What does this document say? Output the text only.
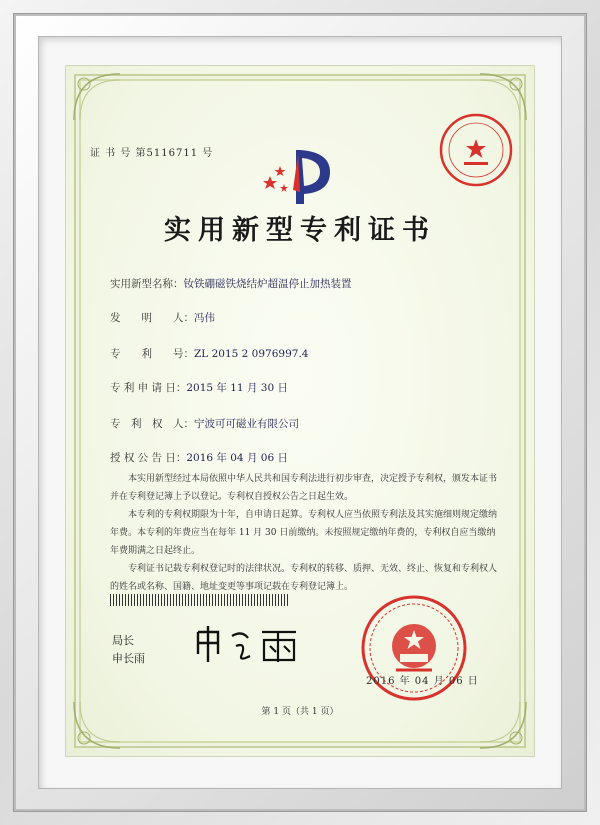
证 书 号 第5116711 号
实用新型专利证书
实用新型名称：钕铁硼磁铁烧结炉超温停止加热装置
发　　明　　人：冯伟
专　　利　　号：ZL 2015 2 0976997.4
专 利 申 请 日：2015 年 11 月 30 日
专　利　权　人：宁波可可磁业有限公司
授 权 公 告 日：2016 年 04 月 06 日
本实用新型经过本局依照中华人民共和国专利法进行初步审查，决定授予专利权，颁发本证书并在专利登记簿上予以登记。专利权自授权公告之日起生效。
本专利的专利权期限为十年，自申请日起算。专利权人应当依照专利法及其实施细则规定缴纳年费。本专利的年费应当在每年 11 月 30 日前缴纳。未按照规定缴纳年费的，专利权自应当缴纳年费期满之日起终止。
专利证书记载专利权登记时的法律状况。专利权的转移、质押、无效、终止、恢复和专利权人的姓名或名称、国籍、地址变更等事项记载在专利登记簿上。
局长
申长雨
2016 年 04 月 06 日
第 1 页（共 1 页）
